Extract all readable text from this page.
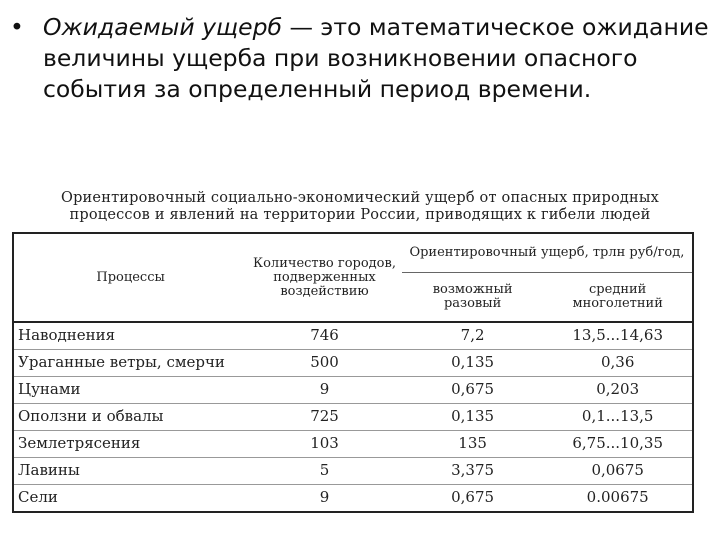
• Ожидаемый ущерб — это математическое ожидание величины ущерба при возникновении опасного события за определенный период времени.
Ориентировочный социально-экономический ущерб от опасных природных
процессов и явлений на территории России, приводящих к гибели людей
Процессы	Количество городов, подверженных воздействию	Ориентировочный ущерб, трлн руб/год,	
		возможный разовый	средний многолетний
Наводнения	746	7,2	13,5...14,63
Ураганные ветры, смерчи	500	0,135	0,36
Цунами	9	0,675	0,203
Оползни и обвалы	725	0,135	0,1...13,5
Землетрясения	103	135	6,75...10,35
Лавины	5	3,375	0,0675
Сели	9	0,675	0.00675
